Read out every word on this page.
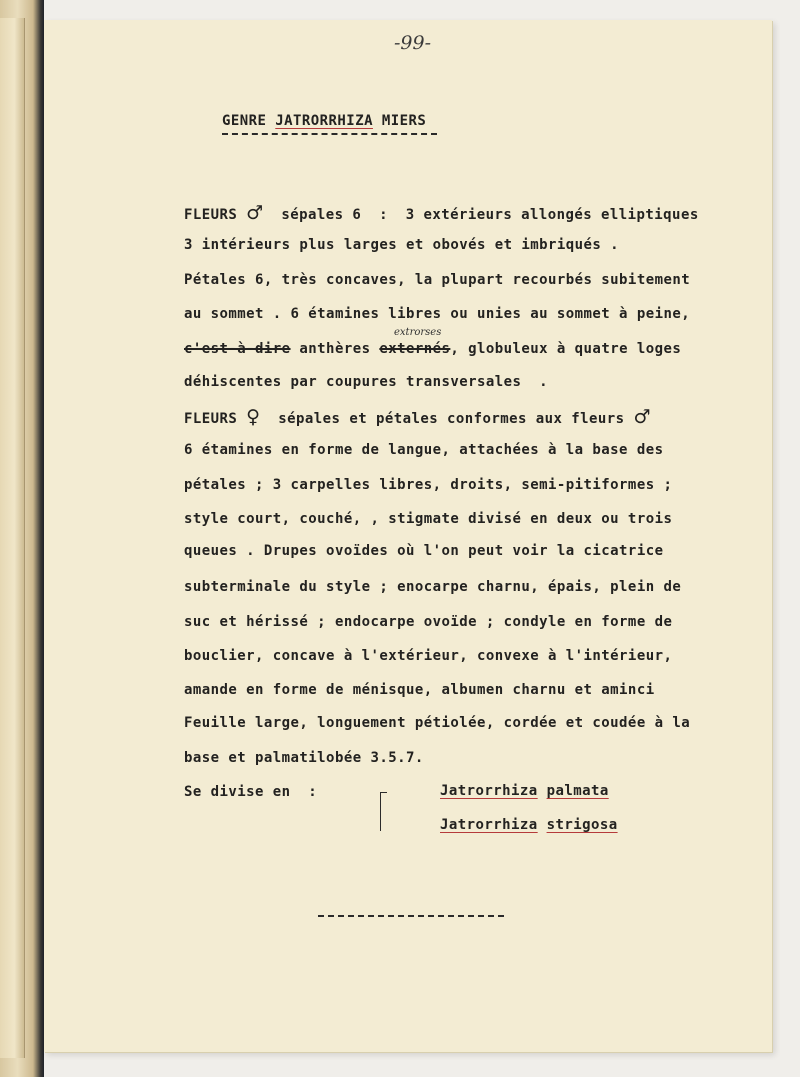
-99-
GENRE JATRORRHIZA MIERS
FLEURS ♂  sépales 6  :  3 extérieurs allongés elliptiques
3 intérieurs plus larges et obovés et imbriqués .
Pétales 6, très concaves, la plupart recourbés subitement
au sommet . 6 étamines libres ou unies au sommet à peine,
extrorses
c'est-à-dire anthères externés, globuleux à quatre loges
déhiscentes par coupures transversales  .
FLEURS ♀  sépales et pétales conformes aux fleurs ♂
6 étamines en forme de langue, attachées à la base des
pétales ; 3 carpelles libres, droits, semi-pitiformes ;
style court, couché, , stigmate divisé en deux ou trois
queues . Drupes ovoïdes où l'on peut voir la cicatrice
subterminale du style ; enocarpe charnu, épais, plein de
suc et hérissé ; endocarpe ovoïde ; condyle en forme de
bouclier, concave à l'extérieur, convexe à l'intérieur,
amande en forme de ménisque, albumen charnu et aminci
Feuille large, longuement pétiolée, cordée et coudée à la
base et palmatilobée 3.5.7.
Se divise en  :	Jatrorrhiza palmata
Jatrorrhiza strigosa
